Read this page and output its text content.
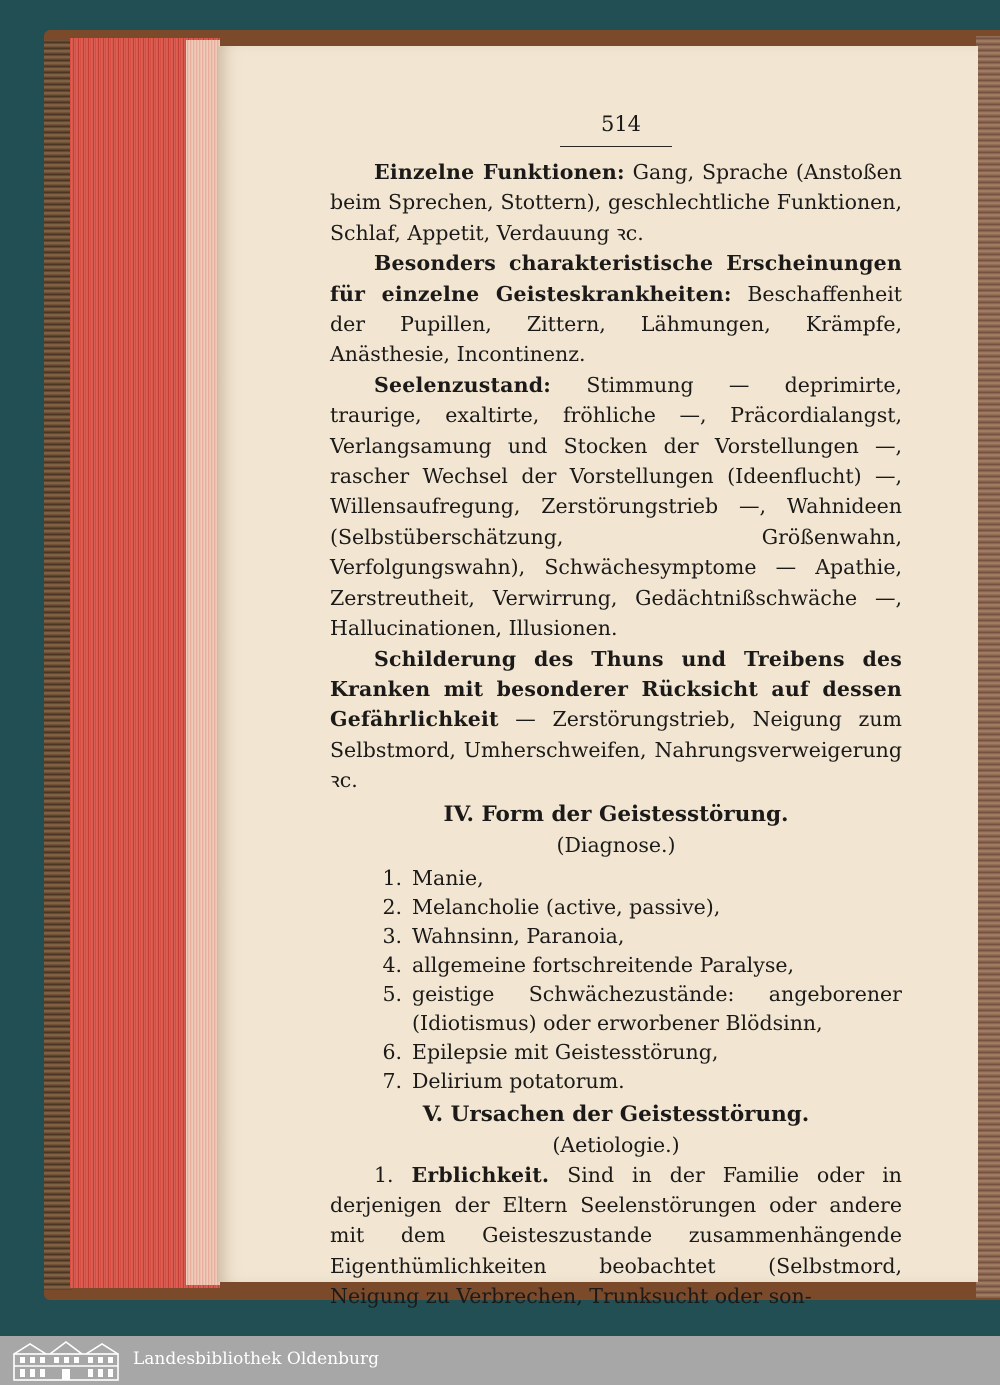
514

Einzelne Funktionen: Gang, Sprache (Anstoßen beim Sprechen, Stottern), geschlechtliche Funktionen, Schlaf, Appetit, Verdauung ꝛc.

Besonders charakteristische Erscheinungen für einzelne Geisteskrankheiten: Beschaffenheit der Pupillen, Zittern, Lähmungen, Krämpfe, Anästhesie, Incontinenz.

Seelenzustand: Stimmung — deprimirte, traurige, exaltirte, fröhliche —, Präcordialangst, Verlangsamung und Stocken der Vorstellungen —, rascher Wechsel der Vorstellungen (Ideenflucht) —, Willensaufregung, Zerstörungstrieb —, Wahnideen (Selbstüberschätzung, Größenwahn, Verfolgungswahn), Schwächesymptome — Apathie, Zerstreutheit, Verwirrung, Gedächtnißschwäche —, Hallucinationen, Illusionen.

Schilderung des Thuns und Treibens des Kranken mit besonderer Rücksicht auf dessen Gefährlichkeit — Zerstörungstrieb, Neigung zum Selbstmord, Umherschweifen, Nahrungsverweigerung ꝛc.

IV. Form der Geistesstörung.
(Diagnose.)
1. Manie,
2. Melancholie (active, passive),
3. Wahnsinn, Paranoia,
4. allgemeine fortschreitende Paralyse,
5. geistige Schwächezustände: angeborener (Idiotismus) oder erworbener Blödsinn,
6. Epilepsie mit Geistesstörung,
7. Delirium potatorum.
V. Ursachen der Geistesstörung.
(Aetiologie.)

1. Erblichkeit. Sind in der Familie oder in derjenigen der Eltern Seelenstörungen oder andere mit dem Geisteszustande zusammenhängende Eigenthümlichkeiten beobachtet (Selbstmord, Neigung zu Verbrechen, Trunksucht oder son-

Landesbibliothek Oldenburg
